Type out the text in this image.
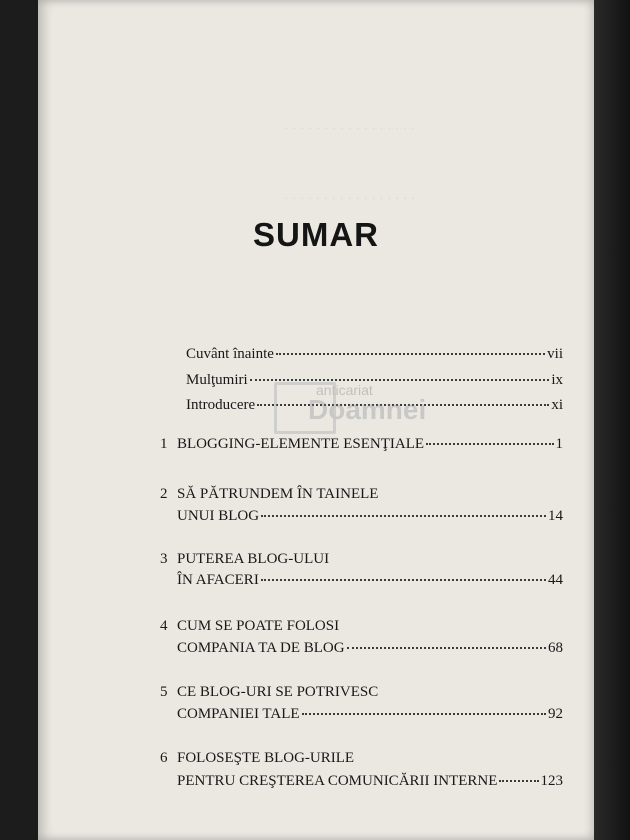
· · · · · · · · · · · · · · · · ·
· · · · · · · · · · · · · · · · ·
SUMAR
Cuvânt înainte	vii
Mulţumiri	ix
Introducere	xi
1 BLOGGING-ELEMENTE ESENŢIALE	1
2 SĂ PĂTRUNDEM ÎN TAINELE
UNUI BLOG	14
3 PUTEREA BLOG-ULUI
ÎN AFACERI	44
4 CUM SE POATE FOLOSI
COMPANIA TA DE BLOG	68
5 CE BLOG-URI SE POTRIVESC
COMPANIEI TALE	92
6 FOLOSEŞTE BLOG-URILE
PENTRU CREŞTEREA COMUNICĂRII INTERNE	123
anticariat
Doamnei
